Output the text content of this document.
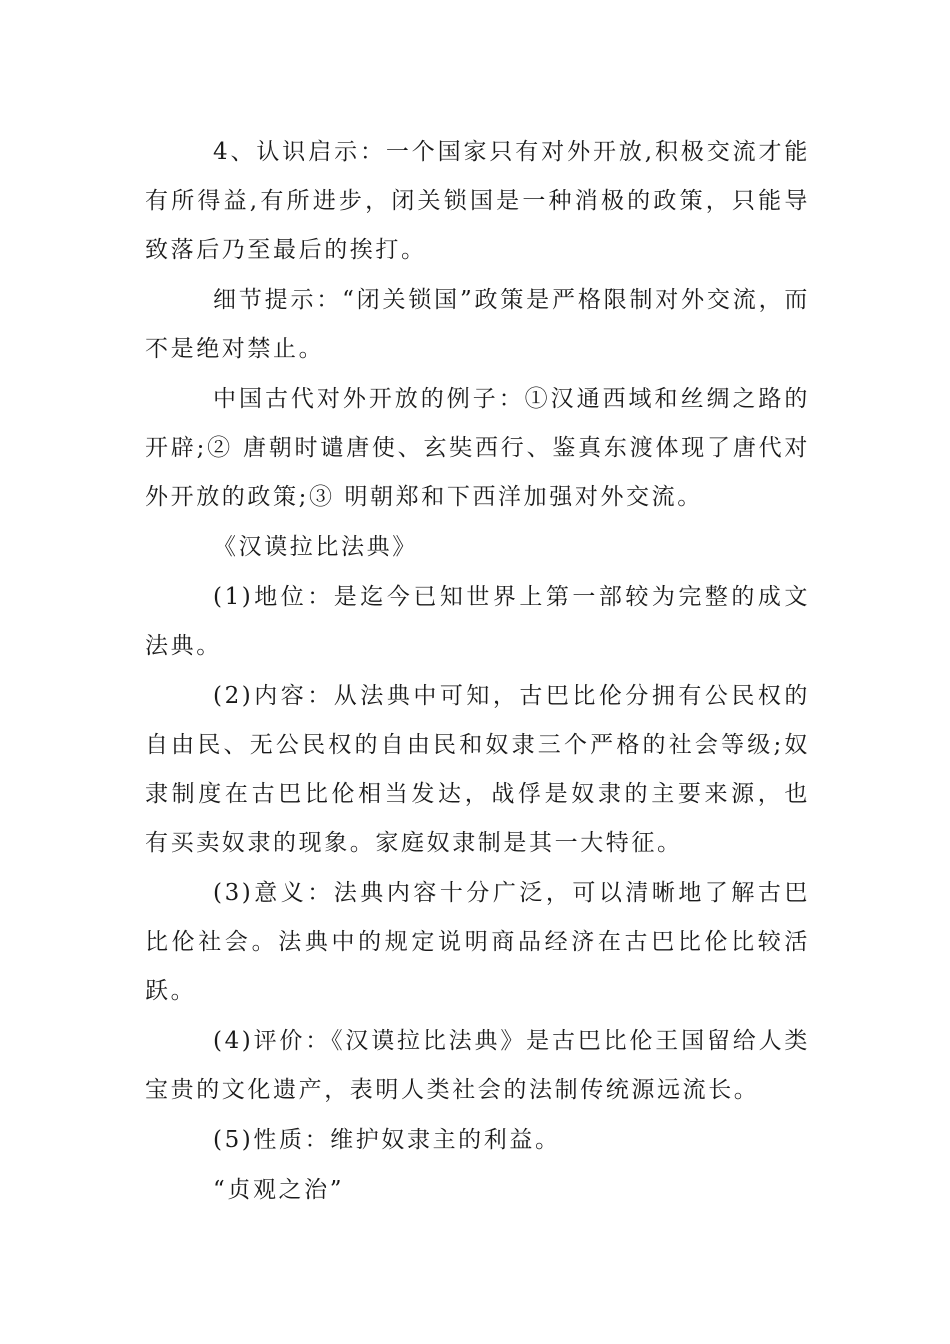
4、认识启示：一个国家只有对外开放,积极交流才能有所得益,有所进步，闭关锁国是一种消极的政策，只能导致落后乃至最后的挨打。

细节提示：“闭关锁国”政策是严格限制对外交流，而不是绝对禁止。

中国古代对外开放的例子：①汉通西域和丝绸之路的开辟;② 唐朝时谴唐使、玄奘西行、鉴真东渡体现了唐代对外开放的政策;③ 明朝郑和下西洋加强对外交流。

《汉谟拉比法典》

(1)地位：是迄今已知世界上第一部较为完整的成文法典。

(2)内容：从法典中可知，古巴比伦分拥有公民权的自由民、无公民权的自由民和奴隶三个严格的社会等级;奴隶制度在古巴比伦相当发达，战俘是奴隶的主要来源，也有买卖奴隶的现象。家庭奴隶制是其一大特征。

(3)意义：法典内容十分广泛，可以清晰地了解古巴比伦社会。法典中的规定说明商品经济在古巴比伦比较活跃。

(4)评价：《汉谟拉比法典》是古巴比伦王国留给人类宝贵的文化遗产，表明人类社会的法制传统源远流长。

(5)性质：维护奴隶主的利益。

“贞观之治”
